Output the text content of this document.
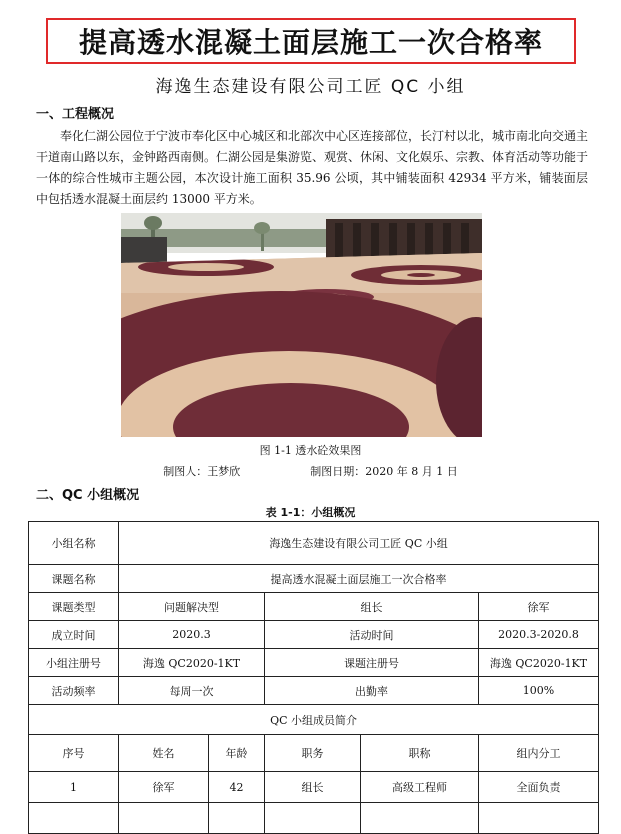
提高透水混凝土面层施工一次合格率
海逸生态建设有限公司工匠 QC 小组
一、工程概况
奉化仁湖公园位于宁波市奉化区中心城区和北部次中心区连接部位，长汀村以北，城市南北向交通主干道南山路以东，金钟路西南侧。仁湖公园是集游览、观赏、休闲、文化娱乐、宗教、体育活动等功能于一体的综合性城市主题公园，本次设计施工面积 35.96 公顷，其中铺装面积 42934 平方米，铺装面层中包括透水混凝土面层约 13000 平方米。
图 1-1 透水砼效果图
制图人：王梦欣	制图日期：2020 年 8 月 1 日
二、QC 小组概况
表 1-1：小组概况
小组名称	海逸生态建设有限公司工匠 QC 小组				
课题名称	提高透水混凝土面层施工一次合格率				
课题类型	问题解决型		组长		徐军
成立时间	2020.3		活动时间		2020.3-2020.8
小组注册号	海逸 QC2020-1KT		课题注册号		海逸 QC2020-1KT
活动频率	每周一次		出勤率		100%
QC 小组成员简介					
序号	姓名	年龄	职务	职称	组内分工
1	徐军	42	组长	高级工程师	全面负责
